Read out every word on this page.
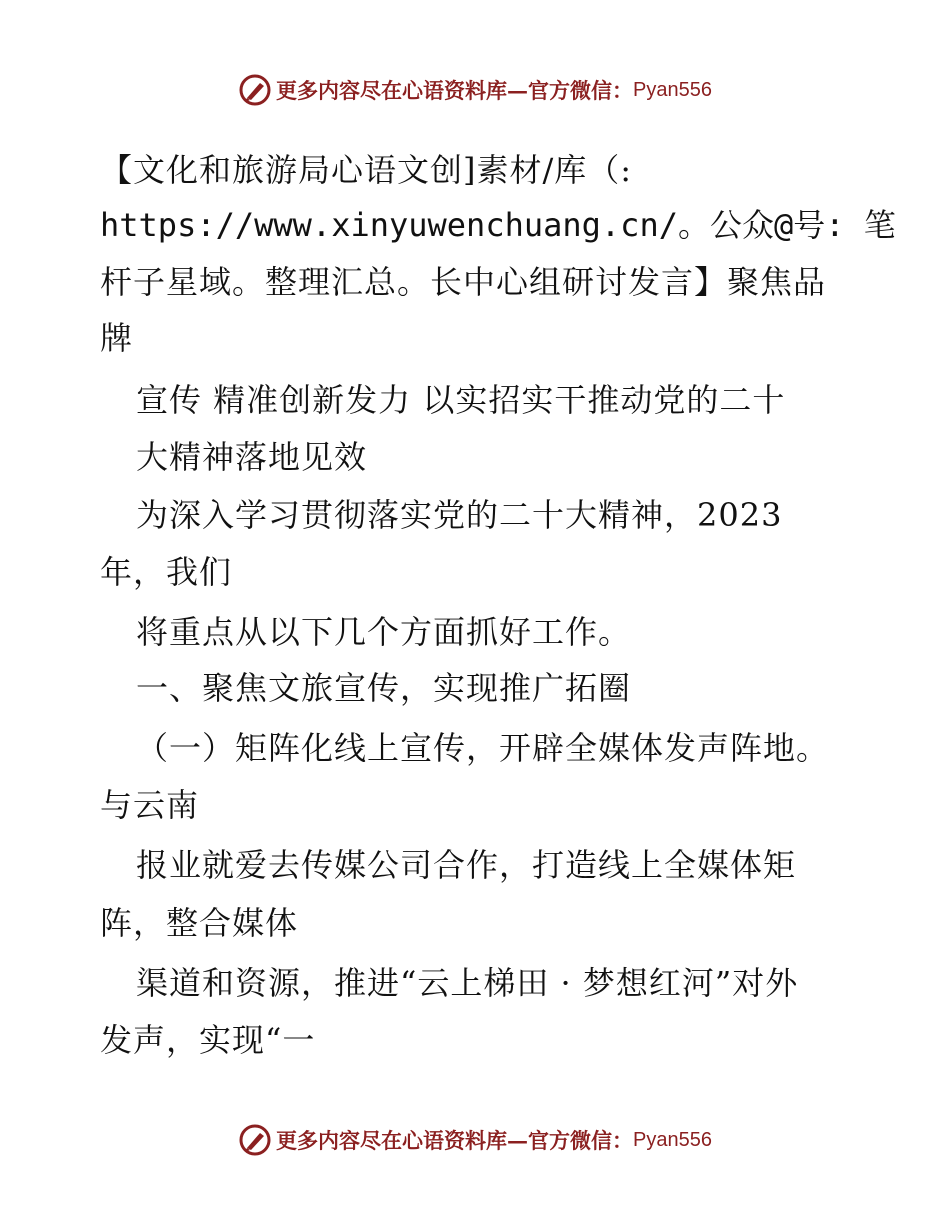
更多内容尽在心语资料库—官方微信： Pyan556
【文化和旅游局心语文创]素材/库（:
https://www.xinyuwenchuang.cn/。公众@号: 笔
杆子星域。整理汇总。长中心组研讨发言】聚焦品
牌
宣传 精准创新发力 以实招实干推动党的二十
大精神落地见效
为深入学习贯彻落实党的二十大精神，2023
年，我们
将重点从以下几个方面抓好工作。
一、聚焦文旅宣传，实现推广拓圈
（一）矩阵化线上宣传，开辟全媒体发声阵地。
与云南
报业就爱去传媒公司合作，打造线上全媒体矩
阵，整合媒体
渠道和资源，推进“云上梯田 · 梦想红河”对外
发声，实现“一
更多内容尽在心语资料库—官方微信： Pyan556
